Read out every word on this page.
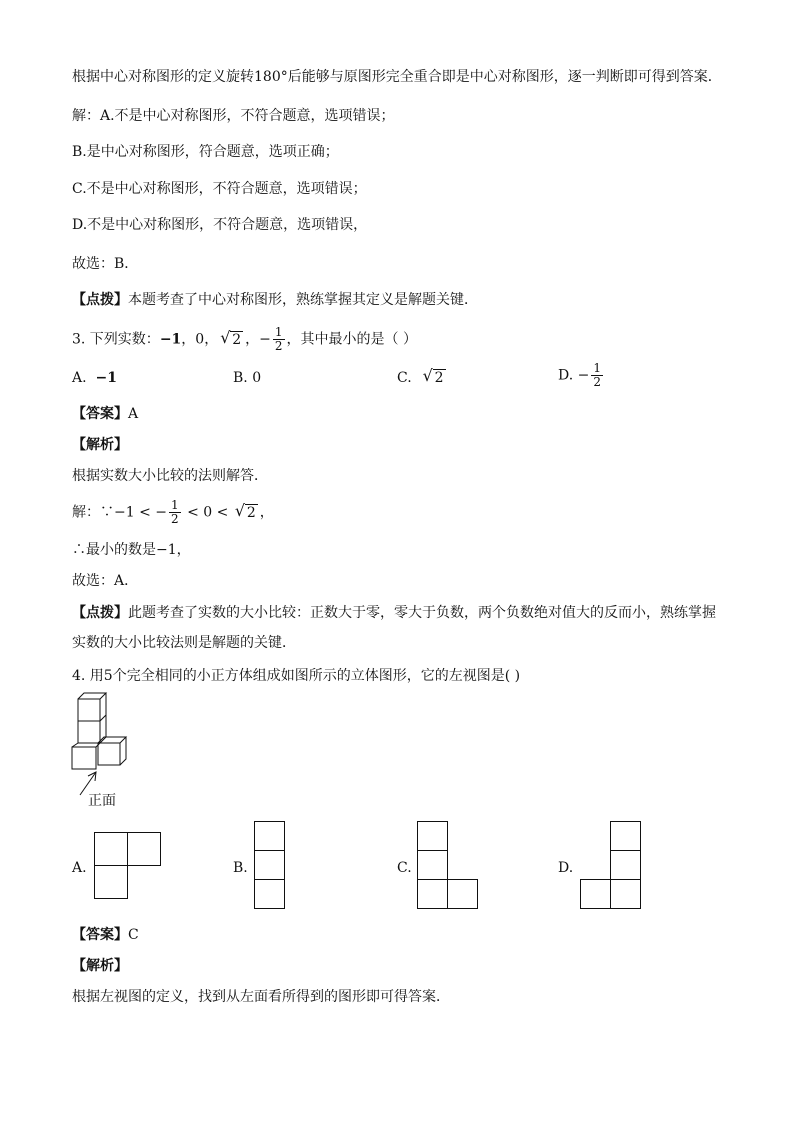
根据中心对称图形的定义旋转180°后能够与原图形完全重合即是中心对称图形，逐一判断即可得到答案．
解：A.不是中心对称图形，不符合题意，选项错误；
B.是中心对称图形，符合题意，选项正确；
C.不是中心对称图形，不符合题意，选项错误；
D.不是中心对称图形，不符合题意，选项错误，
故选：B．
【点拨】本题考查了中心对称图形，熟练掌握其定义是解题关键．
3. 下列实数：−1，0， √ 2 ，− $\frac{1}{2}$ ，其中最小的是（ ）
A. −1	B. 0	C. √ 2	D. − $\frac{1}{2}$
【答案】A
【解析】
根据实数大小比较的法则解答．
解：∵−1 < − $\frac{1}{2} < 0$ < √ 2 ，
∴最小的数是−1，
故选：A．
【点拨】此题考查了实数的大小比较：正数大于零，零大于负数，两个负数绝对值大的反而小，熟练掌握实数的大小比较法则是解题的关键．
4. 用5个完全相同的小正方体组成如图所示的立体图形，它的左视图是( )
正面
A.	B.	C.	D.
【答案】C
【解析】
根据左视图的定义，找到从左面看所得到的图形即可得答案．
